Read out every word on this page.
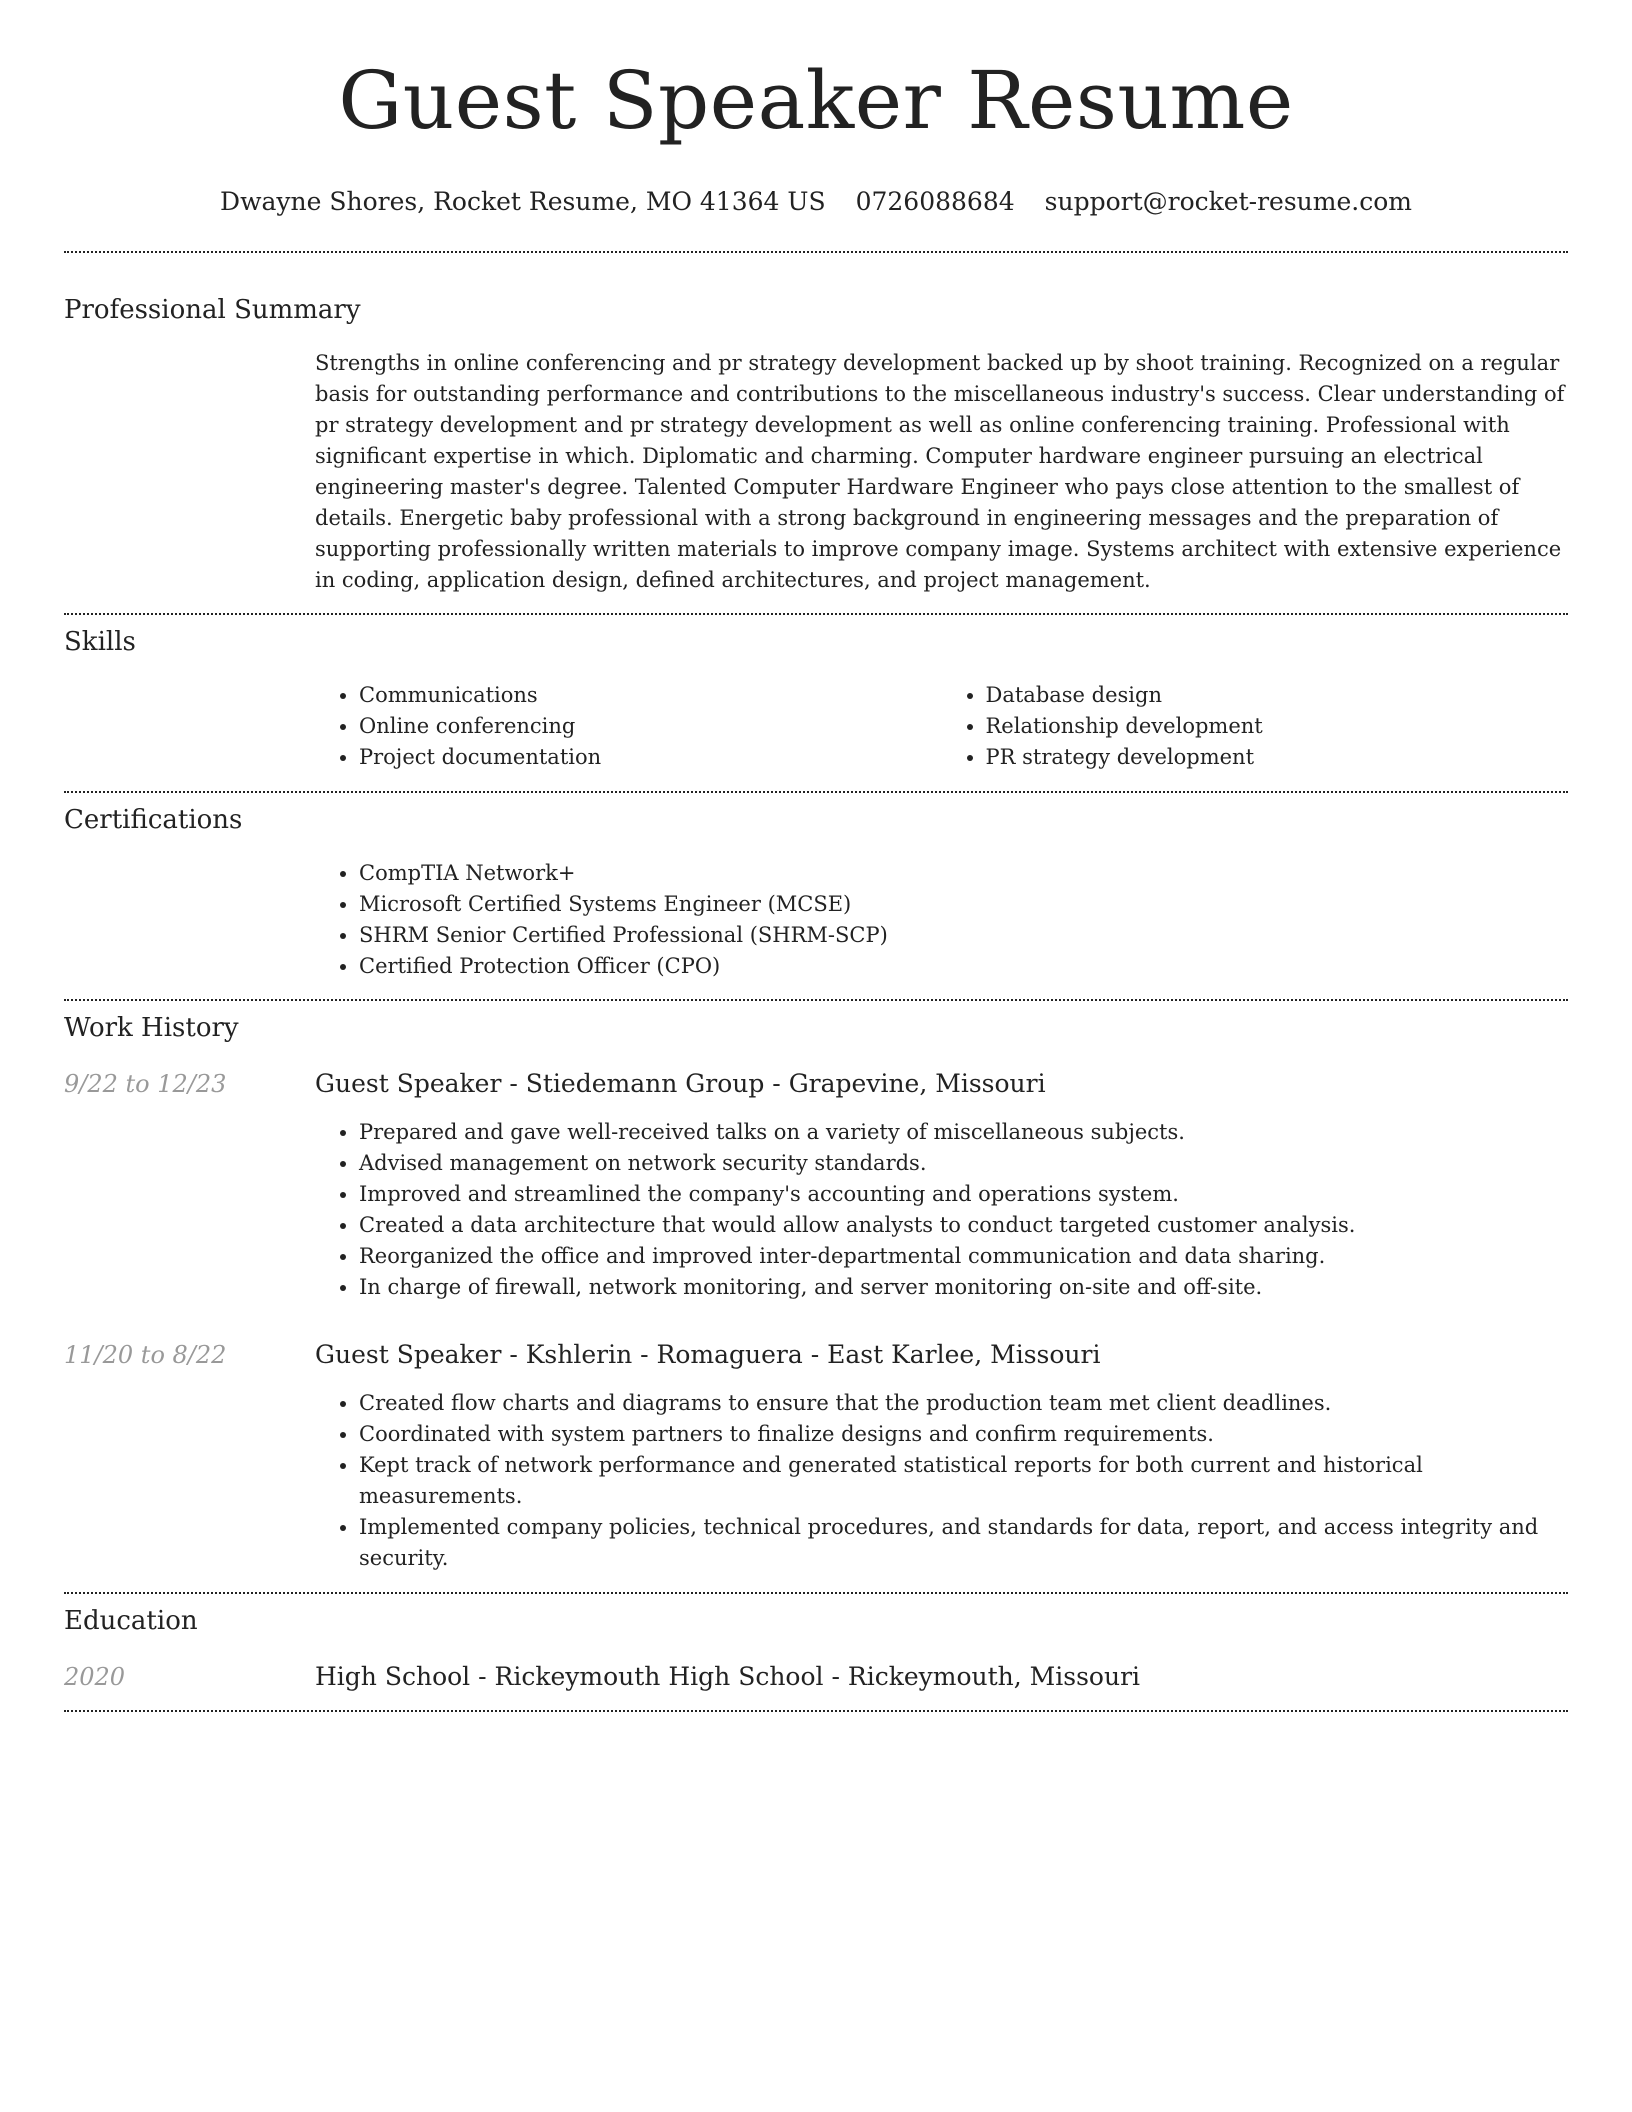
Guest Speaker Resume
Dwayne Shores, Rocket Resume, MO 41364 US 0726088684 support@rocket-resume.com
Professional Summary
Strengths in online conferencing and pr strategy development backed up by shoot training. Recognized on a regular basis for outstanding performance and contributions to the miscellaneous industry's success. Clear understanding of pr strategy development and pr strategy development as well as online conferencing training. Professional with significant expertise in which. Diplomatic and charming. Computer hardware engineer pursuing an electrical engineering master's degree. Talented Computer Hardware Engineer who pays close attention to the smallest of details. Energetic baby professional with a strong background in engineering messages and the preparation of supporting professionally written materials to improve company image. Systems architect with extensive experience in coding, application design, defined architectures, and project management.
Skills
• Communications
• Online conferencing
• Project documentation
• Database design
• Relationship development
• PR strategy development
Certifications
• CompTIA Network+
• Microsoft Certified Systems Engineer (MCSE)
• SHRM Senior Certified Professional (SHRM-SCP)
• Certified Protection Officer (CPO)
Work History
9/22 to 12/23	Guest Speaker - Stiedemann Group - Grapevine, Missouri
• Prepared and gave well-received talks on a variety of miscellaneous subjects.
• Advised management on network security standards.
• Improved and streamlined the company's accounting and operations system.
• Created a data architecture that would allow analysts to conduct targeted customer analysis.
• Reorganized the office and improved inter-departmental communication and data sharing.
• In charge of firewall, network monitoring, and server monitoring on-site and off-site.
11/20 to 8/22	Guest Speaker - Kshlerin - Romaguera - East Karlee, Missouri
• Created flow charts and diagrams to ensure that the production team met client deadlines.
• Coordinated with system partners to finalize designs and confirm requirements.
• Kept track of network performance and generated statistical reports for both current and historical measurements.
• Implemented company policies, technical procedures, and standards for data, report, and access integrity and security.
Education
2020	High School - Rickeymouth High School - Rickeymouth, Missouri
